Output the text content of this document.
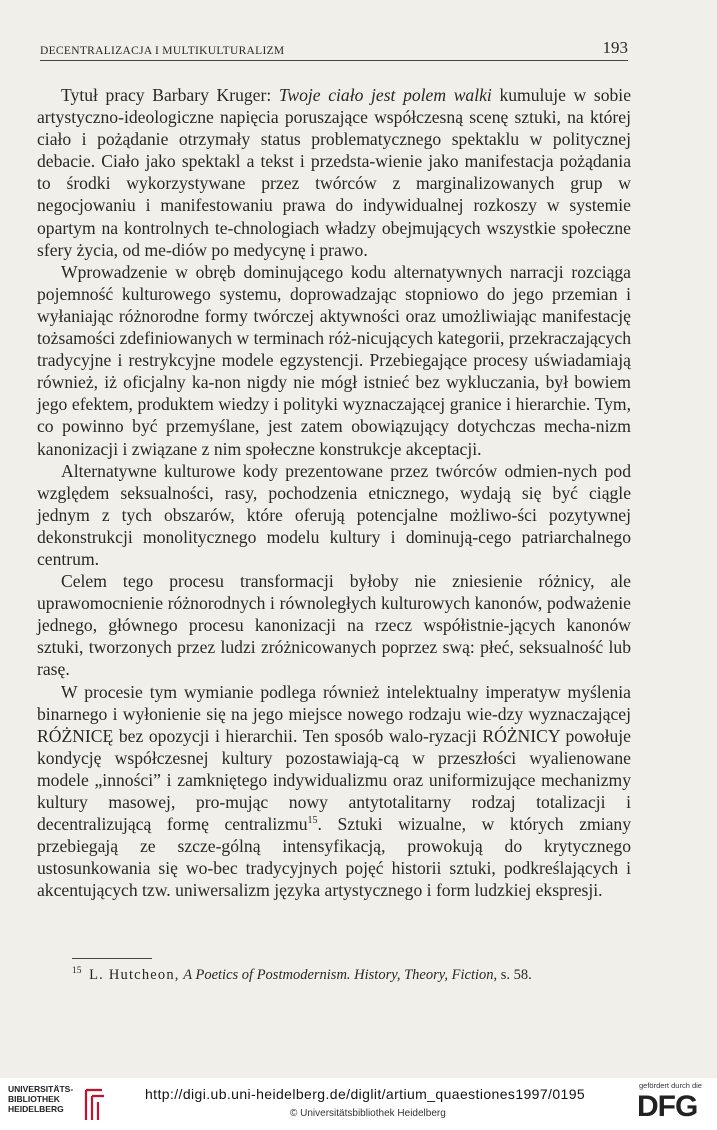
DECENTRALIZACJA I MULTIKULTURALIZM	193

Tytuł pracy Barbary Kruger: Twoje ciało jest polem walki kumuluje w sobie artystyczno-ideologiczne napięcia poruszające współczesną scenę sztuki, na której ciało i pożądanie otrzymały status problematycznego spektaklu w politycznej debacie. Ciało jako spektakl a tekst i przedsta-wienie jako manifestacja pożądania to środki wykorzystywane przez twórców z marginalizowanych grup w negocjowaniu i manifestowaniu prawa do indywidualnej rozkoszy w systemie opartym na kontrolnych te-chnologiach władzy obejmujących wszystkie społeczne sfery życia, od me-diów po medycynę i prawo.

Wprowadzenie w obręb dominującego kodu alternatywnych narracji rozciąga pojemność kulturowego systemu, doprowadzając stopniowo do jego przemian i wyłaniając różnorodne formy twórczej aktywności oraz umożliwiając manifestację tożsamości zdefiniowanych w terminach róż-nicujących kategorii, przekraczających tradycyjne i restrykcyjne modele egzystencji. Przebiegające procesy uświadamiają również, iż oficjalny ka-non nigdy nie mógł istnieć bez wykluczania, był bowiem jego efektem, produktem wiedzy i polityki wyznaczającej granice i hierarchie. Tym, co powinno być przemyślane, jest zatem obowiązujący dotychczas mecha-nizm kanonizacji i związane z nim społeczne konstrukcje akceptacji.

Alternatywne kulturowe kody prezentowane przez twórców odmien-nych pod względem seksualności, rasy, pochodzenia etnicznego, wydają się być ciągle jednym z tych obszarów, które oferują potencjalne możliwo-ści pozytywnej dekonstrukcji monolitycznego modelu kultury i dominują-cego patriarchalnego centrum.

Celem tego procesu transformacji byłoby nie zniesienie różnicy, ale uprawomocnienie różnorodnych i równoległych kulturowych kanonów, podważenie jednego, głównego procesu kanonizacji na rzecz współistnie-jących kanonów sztuki, tworzonych przez ludzi zróżnicowanych poprzez swą: płeć, seksualność lub rasę.

W procesie tym wymianie podlega również intelektualny imperatyw myślenia binarnego i wyłonienie się na jego miejsce nowego rodzaju wie-dzy wyznaczającej RÓŻNICĘ bez opozycji i hierarchii. Ten sposób walo-ryzacji RÓŻNICY powołuje kondycję współczesnej kultury pozostawiają-cą w przeszłości wyalienowane modele „inności” i zamkniętego indywidualizmu oraz uniformizujące mechanizmy kultury masowej, pro-mując nowy antytotalitarny rodzaj totalizacji i decentralizującą formę centralizmu$^{15}$. Sztuki wizualne, w których zmiany przebiegają ze szcze-gólną intensyfikacją, prowokują do krytycznego ustosunkowania się wo-bec tradycyjnych pojęć historii sztuki, podkreślających i akcentujących tzw. uniwersalizm języka artystycznego i form ludzkiej ekspresji.

$^{15}$ L. Hutcheon, A Poetics of Postmodernism. History, Theory, Fiction, s. 58.
UNIVERSITÄTS-
BIBLIOTHEK
HEIDELBERG
http://digi.ub.uni-heidelberg.de/diglit/artium_quaestiones1997/0195
© Universitätsbibliothek Heidelberg
gefördert durch die
DFG
